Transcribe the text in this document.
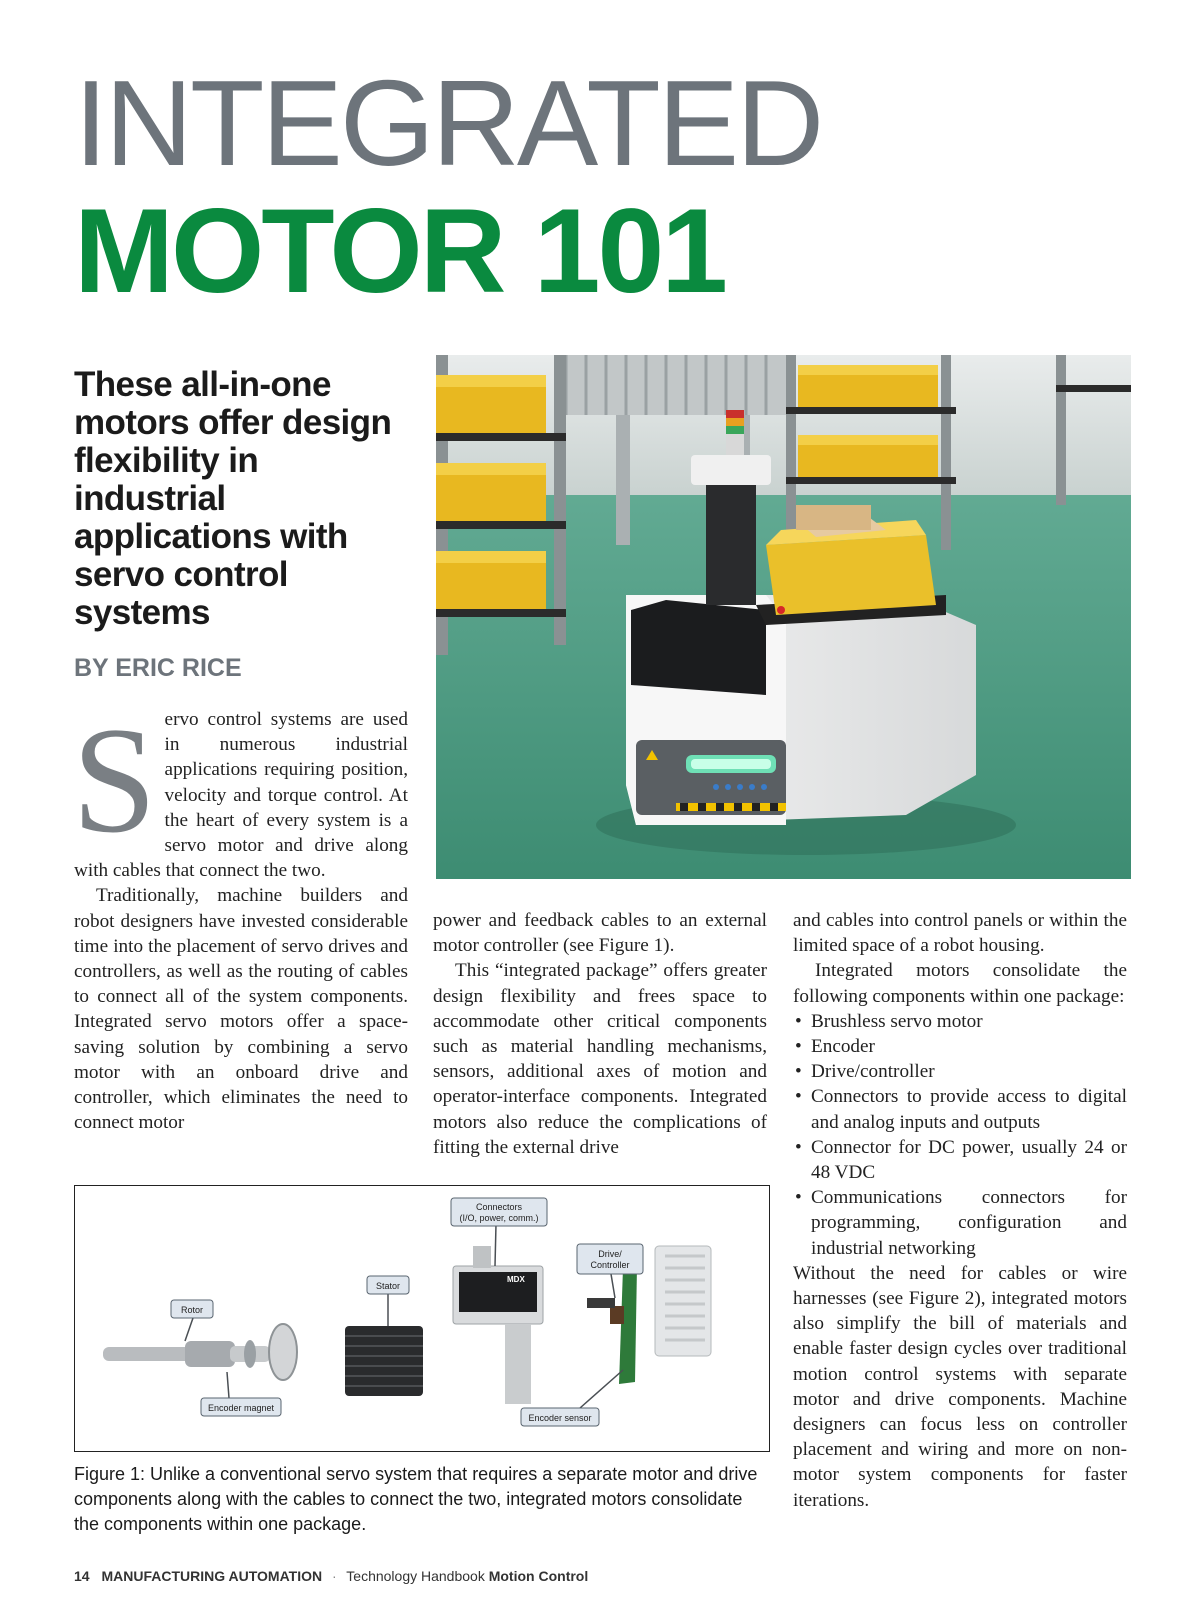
INTEGRATED
MOTOR 101
These all-in-one motors offer design flexibility in industrial applications with servo control systems
BY ERIC RICE
S ervo control systems are used in numerous industrial applications requiring position, velocity and torque control. At the heart of every system is a servo motor and drive along with cables that connect the two.

Traditionally, machine builders and robot designers have invested considerable time into the placement of servo drives and controllers, as well as the routing of cables to connect all of the system components. Integrated servo motors offer a space-saving solution by combining a servo motor with an onboard drive and controller, which eliminates the need to connect motor

power and feedback cables to an external motor controller (see Figure 1).

This “integrated package” offers greater design flexibility and frees space to accommodate other critical components such as material handling mechanisms, sensors, additional axes of motion and operator-interface components. Integrated motors also reduce the complications of fitting the external drive

and cables into control panels or within the limited space of a robot housing.

Integrated motors consolidate the following components within one package:

• Brushless servo motor
• Encoder
• Drive/controller
• Connectors to provide access to digital and analog inputs and outputs
• Connector for DC power, usually 24 or 48 VDC
• Communications connectors for programming, configuration and industrial networking

Without the need for cables or wire harnesses (see Figure 2), integrated motors also simplify the bill of materials and enable faster design cycles over traditional motion control systems with separate motor and drive components. Machine designers can focus less on controller placement and wiring and more on non-motor system components for faster iterations.

MDX
Rotor
Encoder magnet
Stator
Connectors
(I/O, power, comm.)
Drive/
Controller
Encoder sensor
Figure 1: Unlike a conventional servo system that requires a separate motor and drive components along with the cables to connect the two, integrated motors consolidate the components within one package.
14 MANUFACTURING AUTOMATION · Technology Handbook Motion Control
